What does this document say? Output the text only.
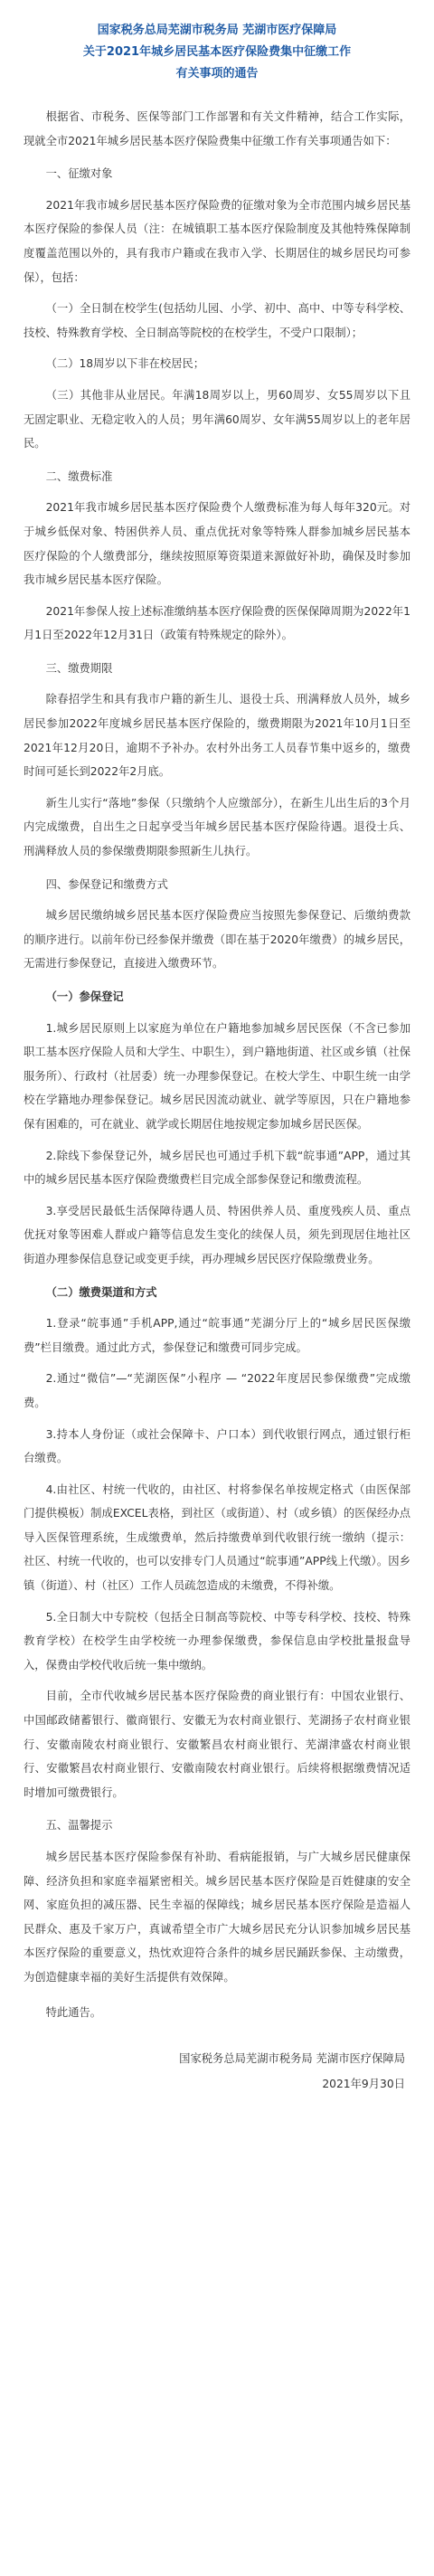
国家税务总局芜湖市税务局 芜湖市医疗保障局
关于2021年城乡居民基本医疗保险费集中征缴工作
有关事项的通告

根据省、市税务、医保等部门工作部署和有关文件精神，结合工作实际，现就全市2021年城乡居民基本医疗保险费集中征缴工作有关事项通告如下：

一、征缴对象

2021年我市城乡居民基本医疗保险费的征缴对象为全市范围内城乡居民基本医疗保险的参保人员（注：在城镇职工基本医疗保险制度及其他特殊保障制度覆盖范围以外的，具有我市户籍或在我市入学、长期居住的城乡居民均可参保），包括：

（一）全日制在校学生(包括幼儿园、小学、初中、高中、中等专科学校、技校、特殊教育学校、全日制高等院校的在校学生，不受户口限制）；

（二）18周岁以下非在校居民；

（三）其他非从业居民。年满18周岁以上，男60周岁、女55周岁以下且无固定职业、无稳定收入的人员；男年满60周岁、女年满55周岁以上的老年居民。

二、缴费标准

2021年我市城乡居民基本医疗保险费个人缴费标准为每人每年320元。对于城乡低保对象、特困供养人员、重点优抚对象等特殊人群参加城乡居民基本医疗保险的个人缴费部分，继续按照原筹资渠道来源做好补助，确保及时参加我市城乡居民基本医疗保险。

2021年参保人按上述标准缴纳基本医疗保险费的医保保障周期为2022年1月1日至2022年12月31日（政策有特殊规定的除外）。

三、缴费期限

除春招学生和具有我市户籍的新生儿、退役士兵、刑满释放人员外，城乡居民参加2022年度城乡居民基本医疗保险的，缴费期限为2021年10月1日至2021年12月20日，逾期不予补办。农村外出务工人员春节集中返乡的，缴费时间可延长到2022年2月底。

新生儿实行“落地”参保（只缴纳个人应缴部分），在新生儿出生后的3个月内完成缴费，自出生之日起享受当年城乡居民基本医疗保险待遇。退役士兵、刑满释放人员的参保缴费期限参照新生儿执行。

四、参保登记和缴费方式

城乡居民缴纳城乡居民基本医疗保险费应当按照先参保登记、后缴纳费款的顺序进行。以前年份已经参保并缴费（即在基于2020年缴费）的城乡居民，无需进行参保登记，直接进入缴费环节。

（一）参保登记

1.城乡居民原则上以家庭为单位在户籍地参加城乡居民医保（不含已参加职工基本医疗保险人员和大学生、中职生），到户籍地街道、社区或乡镇（社保服务所）、行政村（社居委）统一办理参保登记。在校大学生、中职生统一由学校在学籍地办理参保登记。城乡居民因流动就业、就学等原因，只在户籍地参保有困难的，可在就业、就学或长期居住地按规定参加城乡居民医保。

2.除线下参保登记外，城乡居民也可通过手机下载“皖事通”APP，通过其中的城乡居民基本医疗保险费缴费栏目完成全部参保登记和缴费流程。

3.享受居民最低生活保障待遇人员、特困供养人员、重度残疾人员、重点优抚对象等困难人群或户籍等信息发生变化的续保人员，须先到现居住地社区街道办理参保信息登记或变更手续，再办理城乡居民医疗保险缴费业务。

（二）缴费渠道和方式

1.登录“皖事通”手机APP,通过“皖事通”芜湖分厅上的“城乡居民医保缴费”栏目缴费。通过此方式，参保登记和缴费可同步完成。

2.通过“微信”—“芜湖医保”小程序 — “2022年度居民参保缴费”完成缴费。

3.持本人身份证（或社会保障卡、户口本）到代收银行网点，通过银行柜台缴费。

4.由社区、村统一代收的，由社区、村将参保名单按规定格式（由医保部门提供模板）制成EXCEL表格，到社区（或街道）、村（或乡镇）的医保经办点导入医保管理系统，生成缴费单，然后持缴费单到代收银行统一缴纳（提示：社区、村统一代收的，也可以安排专门人员通过“皖事通”APP线上代缴）。因乡镇（街道）、村（社区）工作人员疏忽造成的未缴费，不得补缴。

5.全日制大中专院校（包括全日制高等院校、中等专科学校、技校、特殊教育学校）在校学生由学校统一办理参保缴费，参保信息由学校批量报盘导入，保费由学校代收后统一集中缴纳。

目前，全市代收城乡居民基本医疗保险费的商业银行有：中国农业银行、中国邮政储蓄银行、徽商银行、安徽无为农村商业银行、芜湖扬子农村商业银行、安徽南陵农村商业银行、安徽繁昌农村商业银行、芜湖津盛农村商业银行、安徽繁昌农村商业银行、安徽南陵农村商业银行。后续将根据缴费情况适时增加可缴费银行。

五、温馨提示

城乡居民基本医疗保险参保有补助、看病能报销，与广大城乡居民健康保障、经济负担和家庭幸福紧密相关。城乡居民基本医疗保险是百姓健康的安全网、家庭负担的减压器、民生幸福的保障线；城乡居民基本医疗保险是造福人民群众、惠及千家万户，真诚希望全市广大城乡居民充分认识参加城乡居民基本医疗保险的重要意义，热忱欢迎符合条件的城乡居民踊跃参保、主动缴费，为创造健康幸福的美好生活提供有效保障。

特此通告。

国家税务总局芜湖市税务局 芜湖市医疗保障局
2021年9月30日
